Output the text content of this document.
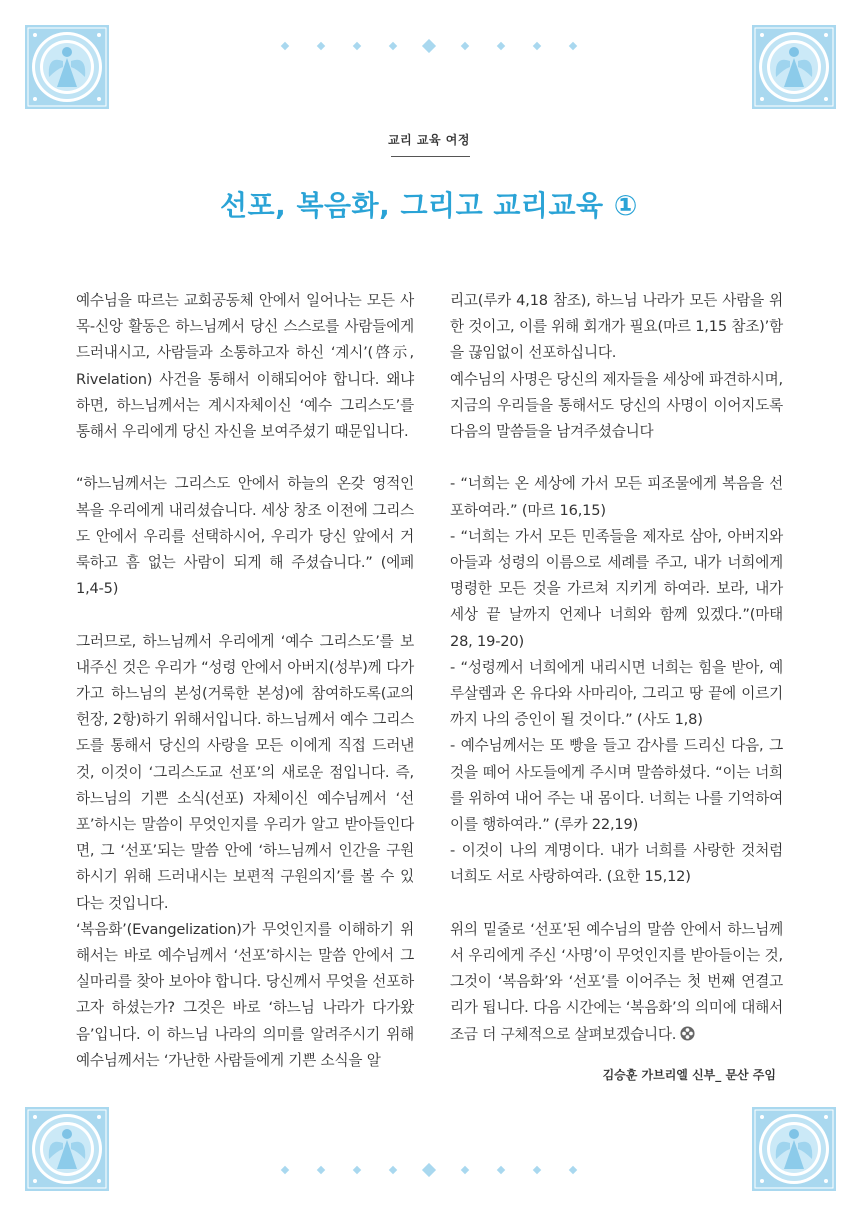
교리 교육 여정
선포, 복음화, 그리고 교리교육 ①

예수님을 따르는 교회공동체 안에서 일어나는 모든 사목-신앙 활동은 하느님께서 당신 스스로를 사람들에게 드러내시고, 사람들과 소통하고자 하신 ‘계시’(啓示, Rivelation) 사건을 통해서 이해되어야 합니다. 왜냐하면, 하느님께서는 계시자체이신 ‘예수 그리스도’를 통해서 우리에게 당신 자신을 보여주셨기 때문입니다.

“하느님께서는 그리스도 안에서 하늘의 온갖 영적인 복을 우리에게 내리셨습니다. 세상 창조 이전에 그리스도 안에서 우리를 선택하시어, 우리가 당신 앞에서 거룩하고 흠 없는 사람이 되게 해 주셨습니다.” (에페 1,4-5)

그러므로, 하느님께서 우리에게 ‘예수 그리스도’를 보내주신 것은 우리가 “성령 안에서 아버지(성부)께 다가가고 하느님의 본성(거룩한 본성)에 참여하도록(교의 헌장, 2항)하기 위해서입니다. 하느님께서 예수 그리스도를 통해서 당신의 사랑을 모든 이에게 직접 드러낸 것, 이것이 ‘그리스도교 선포’의 새로운 점입니다. 즉, 하느님의 기쁜 소식(선포) 자체이신 예수님께서 ‘선포’하시는 말씀이 무엇인지를 우리가 알고 받아들인다면, 그 ‘선포’되는 말씀 안에 ‘하느님께서 인간을 구원하시기 위해 드러내시는 보편적 구원의지’를 볼 수 있다는 것입니다.

‘복음화’(Evangelization)가 무엇인지를 이해하기 위해서는 바로 예수님께서 ‘선포’하시는 말씀 안에서 그 실마리를 찾아 보아야 합니다. 당신께서 무엇을 선포하고자 하셨는가? 그것은 바로 ‘하느님 나라가 다가왔음’입니다. 이 하느님 나라의 의미를 알려주시기 위해 예수님께서는 ‘가난한 사람들에게 기쁜 소식을 알

리고(루카 4,18 참조), 하느님 나라가 모든 사람을 위한 것이고, 이를 위해 회개가 필요(마르 1,15 참조)’함을 끊임없이 선포하십니다.

예수님의 사명은 당신의 제자들을 세상에 파견하시며, 지금의 우리들을 통해서도 당신의 사명이 이어지도록 다음의 말씀들을 남겨주셨습니다

- “너희는 온 세상에 가서 모든 피조물에게 복음을 선포하여라.” (마르 16,15)

- “너희는 가서 모든 민족들을 제자로 삼아, 아버지와 아들과 성령의 이름으로 세례를 주고, 내가 너희에게 명령한 모든 것을 가르쳐 지키게 하여라. 보라, 내가 세상 끝 날까지 언제나 너희와 함께 있겠다.”(마태 28, 19-20)

- “성령께서 너희에게 내리시면 너희는 힘을 받아, 예루살렘과 온 유다와 사마리아, 그리고 땅 끝에 이르기까지 나의 증인이 될 것이다.” (사도 1,8)

- 예수님께서는 또 빵을 들고 감사를 드리신 다음, 그것을 떼어 사도들에게 주시며 말씀하셨다. “이는 너희를 위하여 내어 주는 내 몸이다. 너희는 나를 기억하여 이를 행하여라.” (루카 22,19)

- 이것이 나의 계명이다. 내가 너희를 사랑한 것처럼 너희도 서로 사랑하여라. (요한 15,12)

위의 밑줄로 ‘선포’된 예수님의 말씀 안에서 하느님께서 우리에게 주신 ‘사명’이 무엇인지를 받아들이는 것, 그것이 ‘복음화’와 ‘선포’를 이어주는 첫 번째 연결고리가 됩니다. 다음 시간에는 ‘복음화’의 의미에 대해서 조금 더 구체적으로 살펴보겠습니다.

김승훈 가브리엘 신부_ 문산 주임
